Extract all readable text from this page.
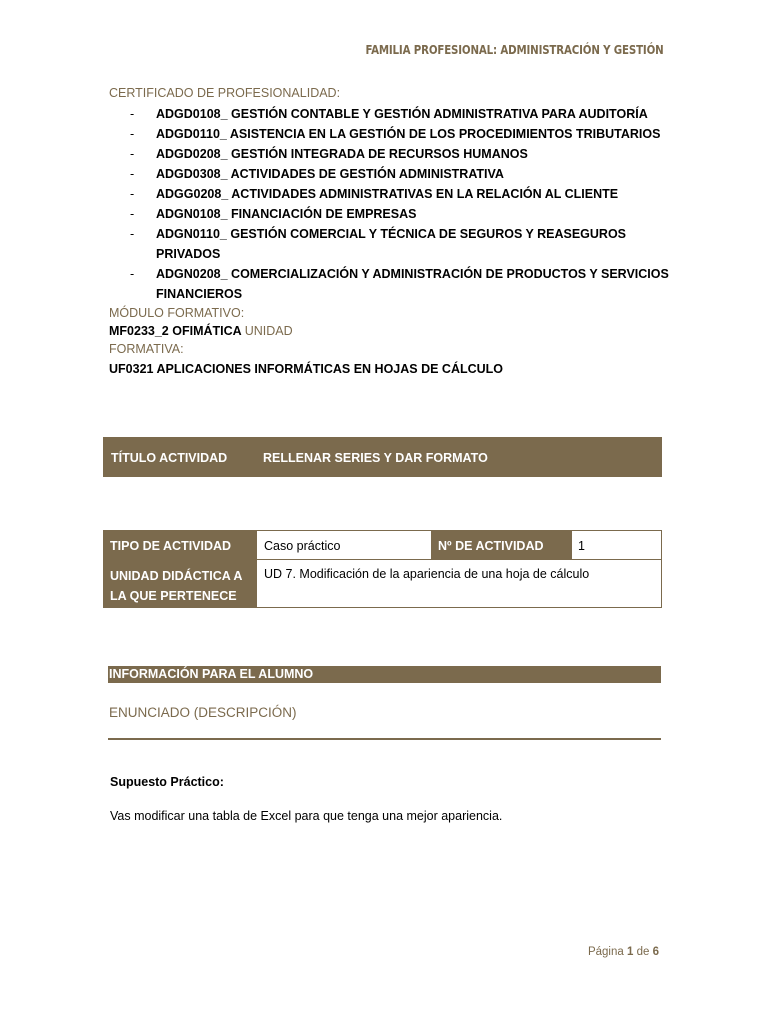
FAMILIA PROFESIONAL: ADMINISTRACIÓN Y GESTIÓN
CERTIFICADO DE PROFESIONALIDAD:
- ADGD0108_ GESTIÓN CONTABLE Y GESTIÓN ADMINISTRATIVA PARA AUDITORÍA
- ADGD0110_ ASISTENCIA EN LA GESTIÓN DE LOS PROCEDIMIENTOS TRIBUTARIOS
- ADGD0208_ GESTIÓN INTEGRADA DE RECURSOS HUMANOS
- ADGD0308_ ACTIVIDADES DE GESTIÓN ADMINISTRATIVA
- ADGG0208_ ACTIVIDADES ADMINISTRATIVAS EN LA RELACIÓN AL CLIENTE
- ADGN0108_ FINANCIACIÓN DE EMPRESAS
- ADGN0110_ GESTIÓN COMERCIAL Y TÉCNICA DE SEGUROS Y REASEGUROS PRIVADOS
- ADGN0208_ COMERCIALIZACIÓN Y ADMINISTRACIÓN DE PRODUCTOS Y SERVICIOS FINANCIEROS
MÓDULO FORMATIVO:
MF0233_2 OFIMÁTICA UNIDAD
FORMATIVA:
UF0321 APLICACIONES INFORMÁTICAS EN HOJAS DE CÁLCULO
TÍTULO ACTIVIDAD	RELLENAR SERIES Y DAR FORMATO
TIPO DE ACTIVIDAD	Caso práctico	Nº DE ACTIVIDAD	1
UNIDAD DIDÁCTICA A LA QUE PERTENECE
UD 7. Modificación de la apariencia de una hoja de cálculo
INFORMACIÓN PARA EL ALUMNO
ENUNCIADO (DESCRIPCIÓN)
Supuesto Práctico:
Vas modificar una tabla de Excel para que tenga una mejor apariencia.
Página 1 de 6
